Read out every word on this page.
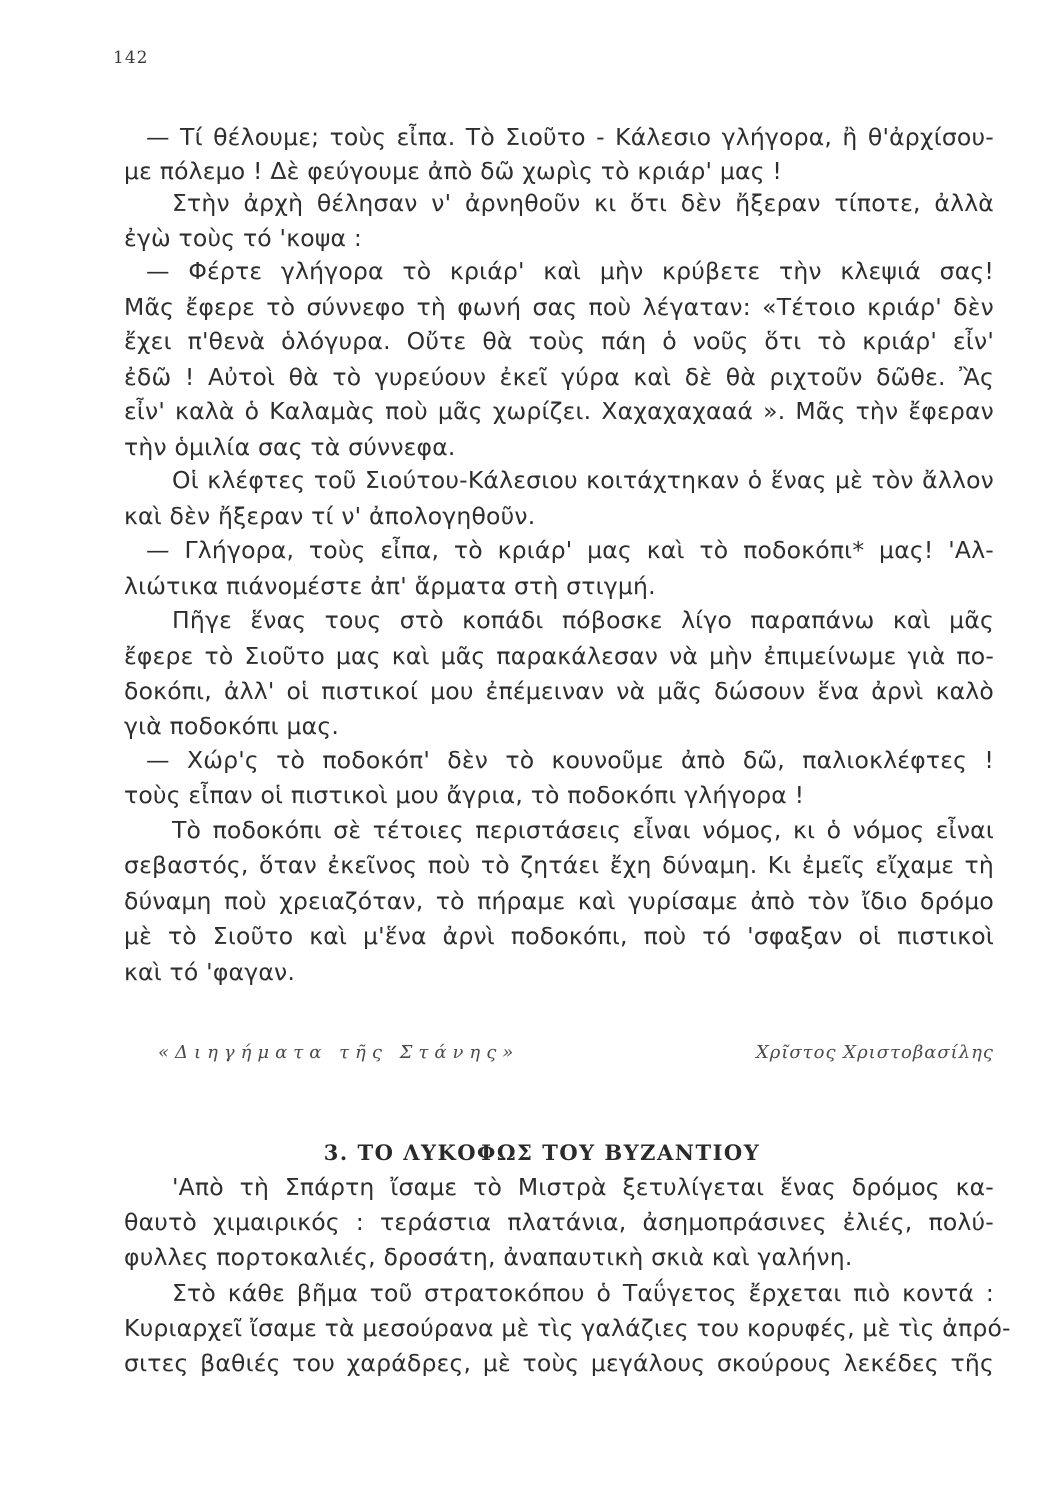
142
— Τί θέλουμε; τοὺς εἶπα. Τὸ Σιοῦτο - Κάλεσιο γλήγορα, ἢ θ'ἀρχίσου-
με πόλεμο ! Δὲ φεύγουμε ἀπὸ δῶ χωρὶς τὸ κριάρ' μας !
Στὴν ἀρχὴ θέλησαν ν' ἀρνηθοῦν κι ὅτι δὲν ἤξεραν τίποτε, ἀλλὰ
ἐγὼ τοὺς τό 'κοψα :
— Φέρτε γλήγορα τὸ κριάρ' καὶ μὴν κρύβετε τὴν κλεψιά σας!
Μᾶς ἔφερε τὸ σύννεφο τὴ φωνή σας ποὺ λέγαταν: «Τέτοιο κριάρ' δὲν
ἔχει π'θενὰ ὁλόγυρα. Οὔτε θὰ τοὺς πάη ὁ νοῦς ὅτι τὸ κριάρ' εἶν'
ἐδῶ ! Αὐτοὶ θὰ τὸ γυρεύουν ἐκεῖ γύρα καὶ δὲ θὰ ριχτοῦν δῶθε. Ἂς
εἶν' καλὰ ὁ Καλαμὰς ποὺ μᾶς χωρίζει. Χαχαχαχααά ». Μᾶς τὴν ἔφεραν
τὴν ὁμιλία σας τὰ σύννεφα.
Οἱ κλέφτες τοῦ Σιούτου-Κάλεσιου κοιτάχτηκαν ὁ ἕνας μὲ τὸν ἄλλον
καὶ δὲν ἤξεραν τί ν' ἀπολογηθοῦν.
— Γλήγορα, τοὺς εἶπα, τὸ κριάρ' μας καὶ τὸ ποδοκόπι* μας! 'Αλ-
λιώτικα πιάνομέστε ἀπ' ἅρματα στὴ στιγμή.
Πῆγε ἕνας τους στὸ κοπάδι πόβοσκε λίγο παραπάνω καὶ μᾶς
ἔφερε τὸ Σιοῦτο μας καὶ μᾶς παρακάλεσαν νὰ μὴν ἐπιμείνωμε γιὰ πο-
δοκόπι, ἀλλ' οἱ πιστικοί μου ἐπέμειναν νὰ μᾶς δώσουν ἕνα ἀρνὶ καλὸ
γιὰ ποδοκόπι μας.
— Χώρ'ς τὸ ποδοκόπ' δὲν τὸ κουνοῦμε ἀπὸ δῶ, παλιοκλέφτες !
τοὺς εἶπαν οἱ πιστικοὶ μου ἄγρια, τὸ ποδοκόπι γλήγορα !
Τὸ ποδοκόπι σὲ τέτοιες περιστάσεις εἶναι νόμος, κι ὁ νόμος εἶναι
σεβαστός, ὅταν ἐκεῖνος ποὺ τὸ ζητάει ἔχη δύναμη. Κι ἐμεῖς εἴχαμε τὴ
δύναμη ποὺ χρειαζόταν, τὸ πήραμε καὶ γυρίσαμε ἀπὸ τὸν ἴδιο δρόμο
μὲ τὸ Σιοῦτο καὶ μ'ἕνα ἀρνὶ ποδοκόπι, ποὺ τό 'σφαξαν οἱ πιστικοὶ
καὶ τό 'φαγαν.
'Απὸ τὴ Σπάρτη ἴσαμε τὸ Μιστρὰ ξετυλίγεται ἕνας δρόμος κα-
θαυτὸ χιμαιρικός : τεράστια πλατάνια, ἀσημοπράσινες ἐλιές, πολύ-
φυλλες πορτοκαλιές, δροσάτη, ἀναπαυτικὴ σκιὰ καὶ γαλήνη.
Στὸ κάθε βῆμα τοῦ στρατοκόπου ὁ Ταΰγετος ἔρχεται πιὸ κοντά :
Κυριαρχεῖ ἴσαμε τὰ μεσούρανα μὲ τὶς γαλάζιες του κορυφές, μὲ τὶς ἀπρό-
σιτες βαθιές του χαράδρες, μὲ τοὺς μεγάλους σκούρους λεκέδες τῆς
«Διηγήματα τῆς Στάνης»	Χρῖστος Χριστοβασίλης
3. ΤΟ ΛΥΚΟΦΩΣ ΤΟΥ ΒΥΖΑΝΤΙΟΥ
